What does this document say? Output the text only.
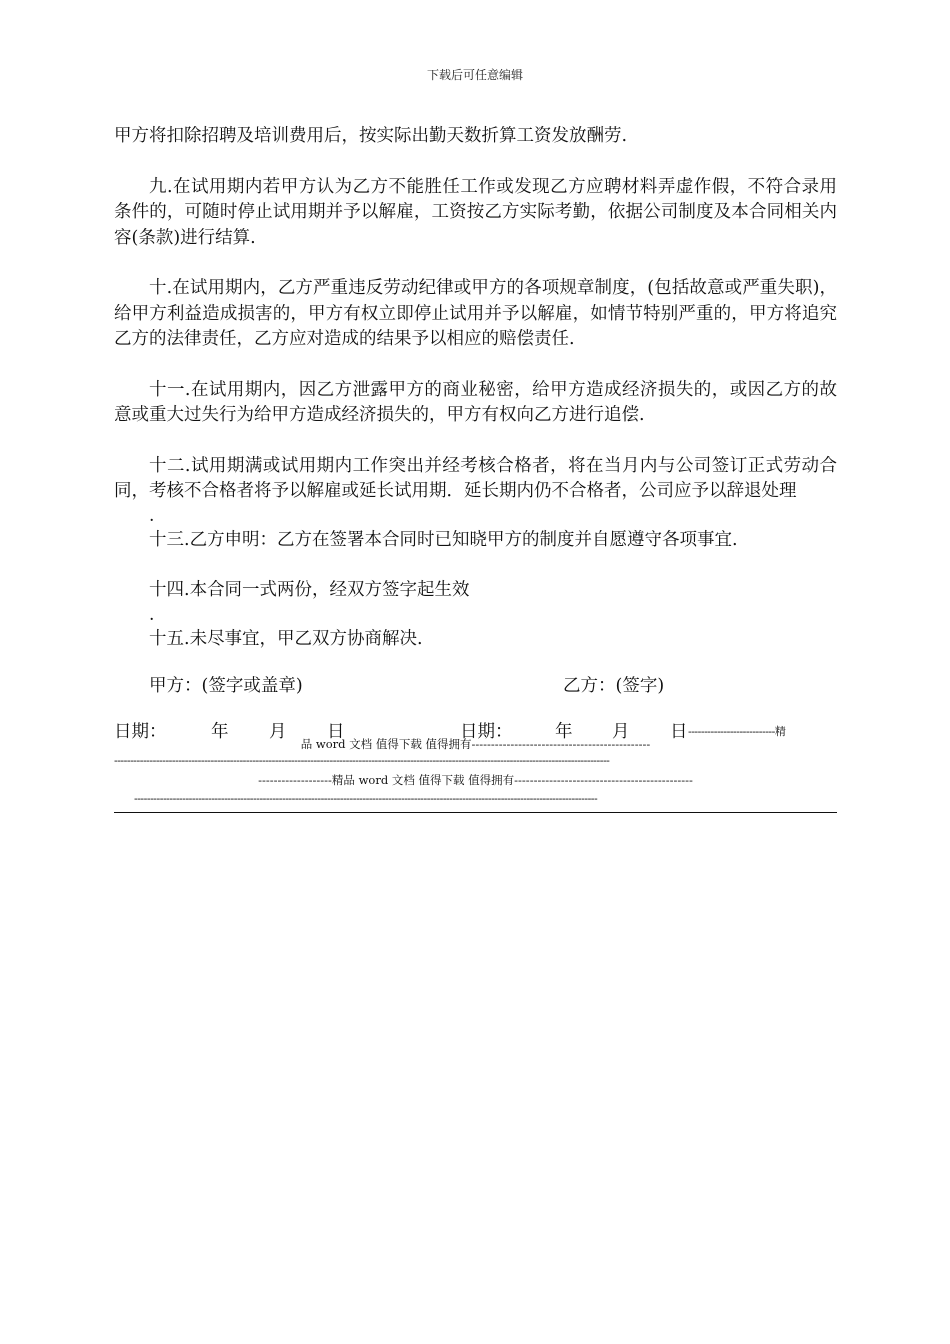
下载后可任意编辑

甲方将扣除招聘及培训费用后，按实际出勤天数折算工资发放酬劳.

九.在试用期内若甲方认为乙方不能胜任工作或发现乙方应聘材料弄虚作假，不符合录用条件的，可随时停止试用期并予以解雇，工资按乙方实际考勤，依据公司制度及本合同相关内容(条款)进行结算.

十.在试用期内，乙方严重违反劳动纪律或甲方的各项规章制度，(包括故意或严重失职)，给甲方利益造成损害的，甲方有权立即停止试用并予以解雇，如情节特别严重的，甲方将追究乙方的法律责任，乙方应对造成的结果予以相应的赔偿责任.

十一.在试用期内，因乙方泄露甲方的商业秘密，给甲方造成经济损失的，或因乙方的故意或重大过失行为给甲方造成经济损失的，甲方有权向乙方进行追偿.

十二.试用期满或试用期内工作突出并经考核合格者，将在当月内与公司签订正式劳动合同，考核不合格者将予以解雇或延长试用期．延长期内仍不合格者，公司应予以辞退处理

.

十三.乙方申明：乙方在签署本合同时已知晓甲方的制度并自愿遵守各项事宜.

十四.本合同一式两份，经双方签字起生效

.

十五.未尽事宜，甲乙双方协商解决.

甲方：(签字或盖章)	乙方：(签字)
日期：	年 月 日	日期： 年 月 日 ---------------------------精
品 word 文档 值得下载 值得拥有----------------------------------------------
----------------------------------------------------------------------------------------------------------------------------------------------------------
-------------------精品 word 文档 值得下载 值得拥有----------------------------------------------
------------------------------------------------------------------------------------------------------------------------------------------------
